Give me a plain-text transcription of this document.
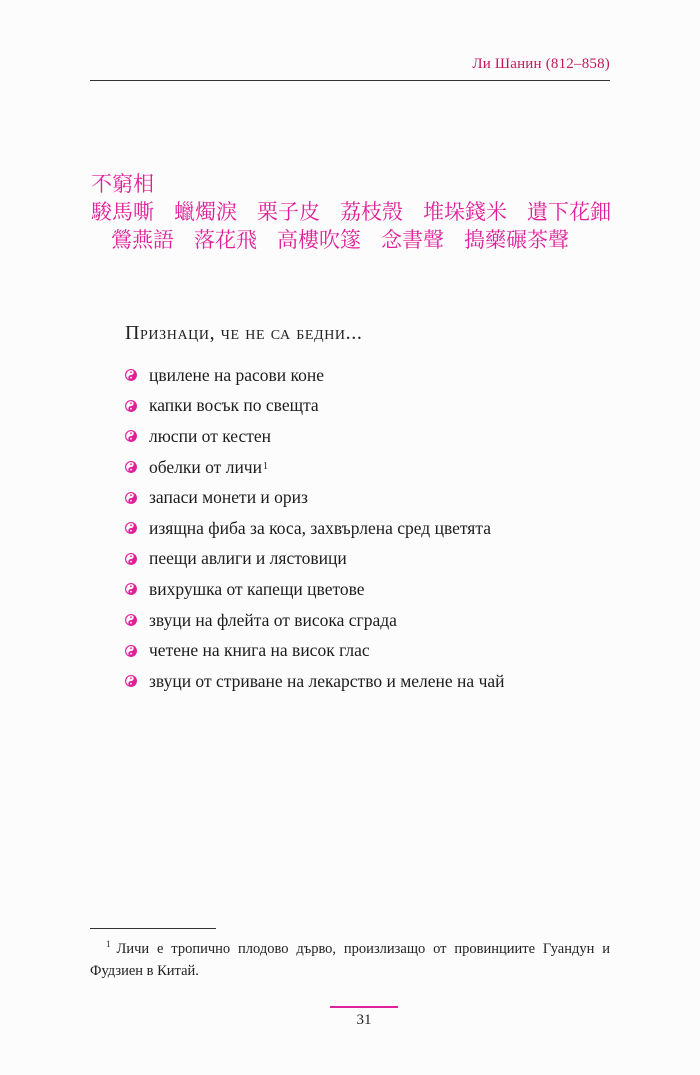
Ли Шанин (812–858)

不窮相

駿馬嘶 蠟燭淚 栗子皮 荔枝殼 堆垛錢米 遺下花鈿

鶯燕語 落花飛 高樓吹篴 念書聲 搗藥碾茶聲

Признаци, че не са бедни...
цвилене на расови коне
капки восък по свещта
люспи от кестен
обелки от личи 1
запаси монети и ориз
изящна фиба за коса, захвърлена сред цветята
пеещи авлиги и лястовици
вихрушка от капещи цветове
звуци на флейта от висока сграда
четене на книга на висок глас
звуци от стриване на лекарство и мелене на чай
$^1$ Личи е тропично плодово дърво, произлизащо от провинциите Гуандун и Фудзиен в Китай.
31
